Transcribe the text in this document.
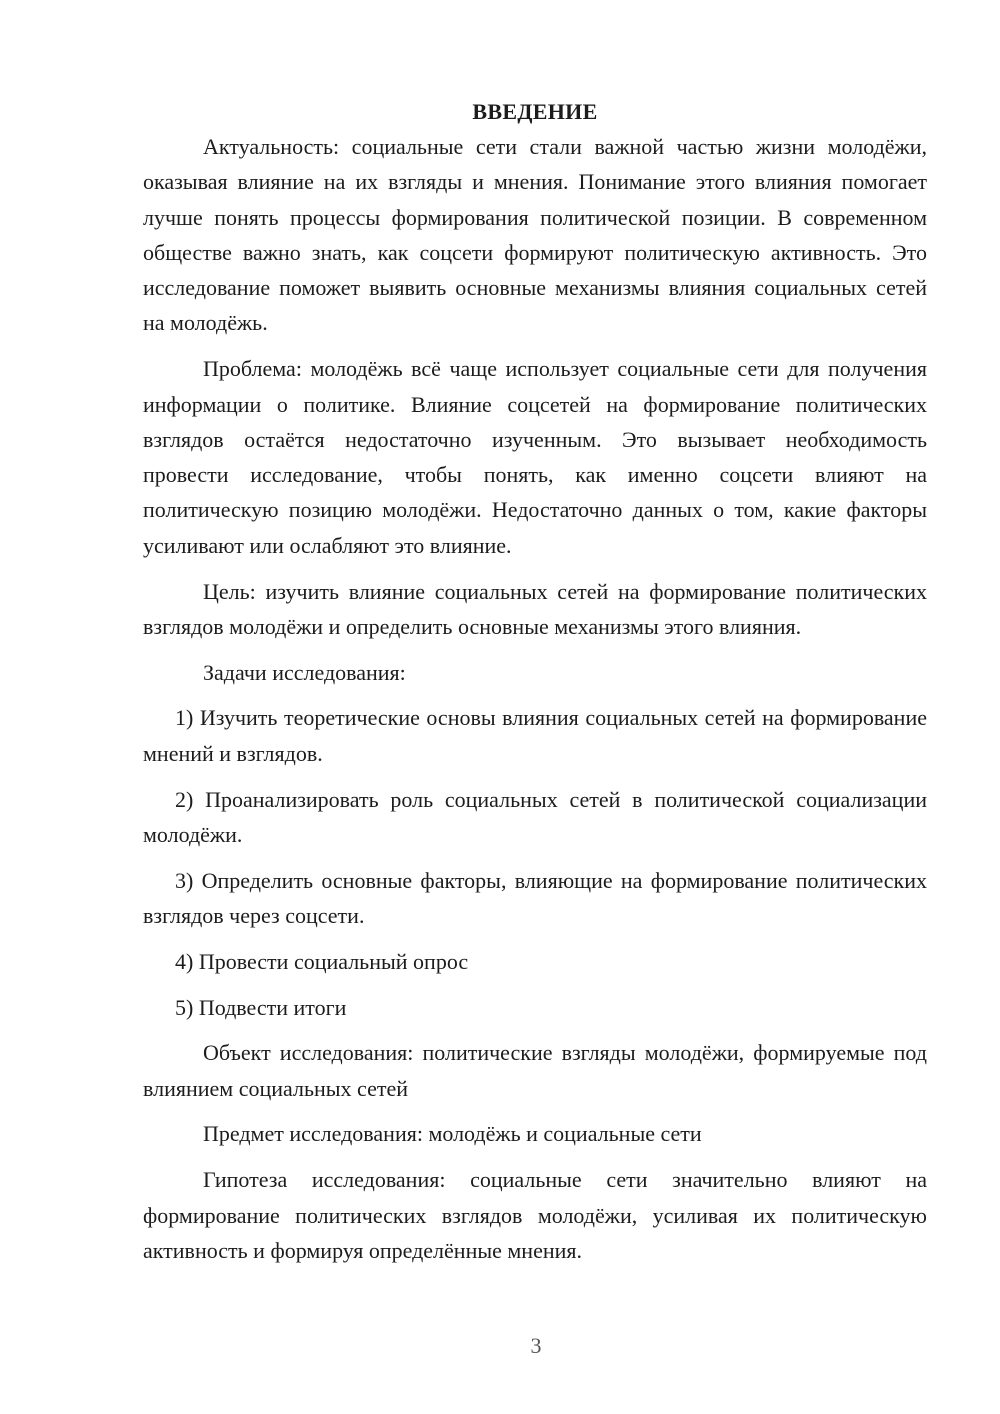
ВВЕДЕНИЕ

Актуальность: социальные сети стали важной частью жизни молодёжи, оказывая влияние на их взгляды и мнения. Понимание этого влияния помогает лучше понять процессы формирования политической позиции. В современном обществе важно знать, как соцсети формируют политическую активность. Это исследование поможет выявить основные механизмы влияния социальных сетей на молодёжь.

Проблема: молодёжь всё чаще использует социальные сети для получения информации о политике. Влияние соцсетей на формирование политических взглядов остаётся недостаточно изученным. Это вызывает необходимость провести исследование, чтобы понять, как именно соцсети влияют на политическую позицию молодёжи. Недостаточно данных о том, какие факторы усиливают или ослабляют это влияние.

Цель: изучить влияние социальных сетей на формирование политических взглядов молодёжи и определить основные механизмы этого влияния.

Задачи исследования:

1) Изучить теоретические основы влияния социальных сетей на формирование мнений и взглядов.

2) Проанализировать роль социальных сетей в политической социализации молодёжи.

3) Определить основные факторы, влияющие на формирование политических взглядов через соцсети.

4) Провести социальный опрос

5) Подвести итоги

Объект исследования: политические взгляды молодёжи, формируемые под влиянием социальных сетей

Предмет исследования: молодёжь и социальные сети

Гипотеза исследования: социальные сети значительно влияют на формирование политических взглядов молодёжи, усиливая их политическую активность и формируя определённые мнения.

3
